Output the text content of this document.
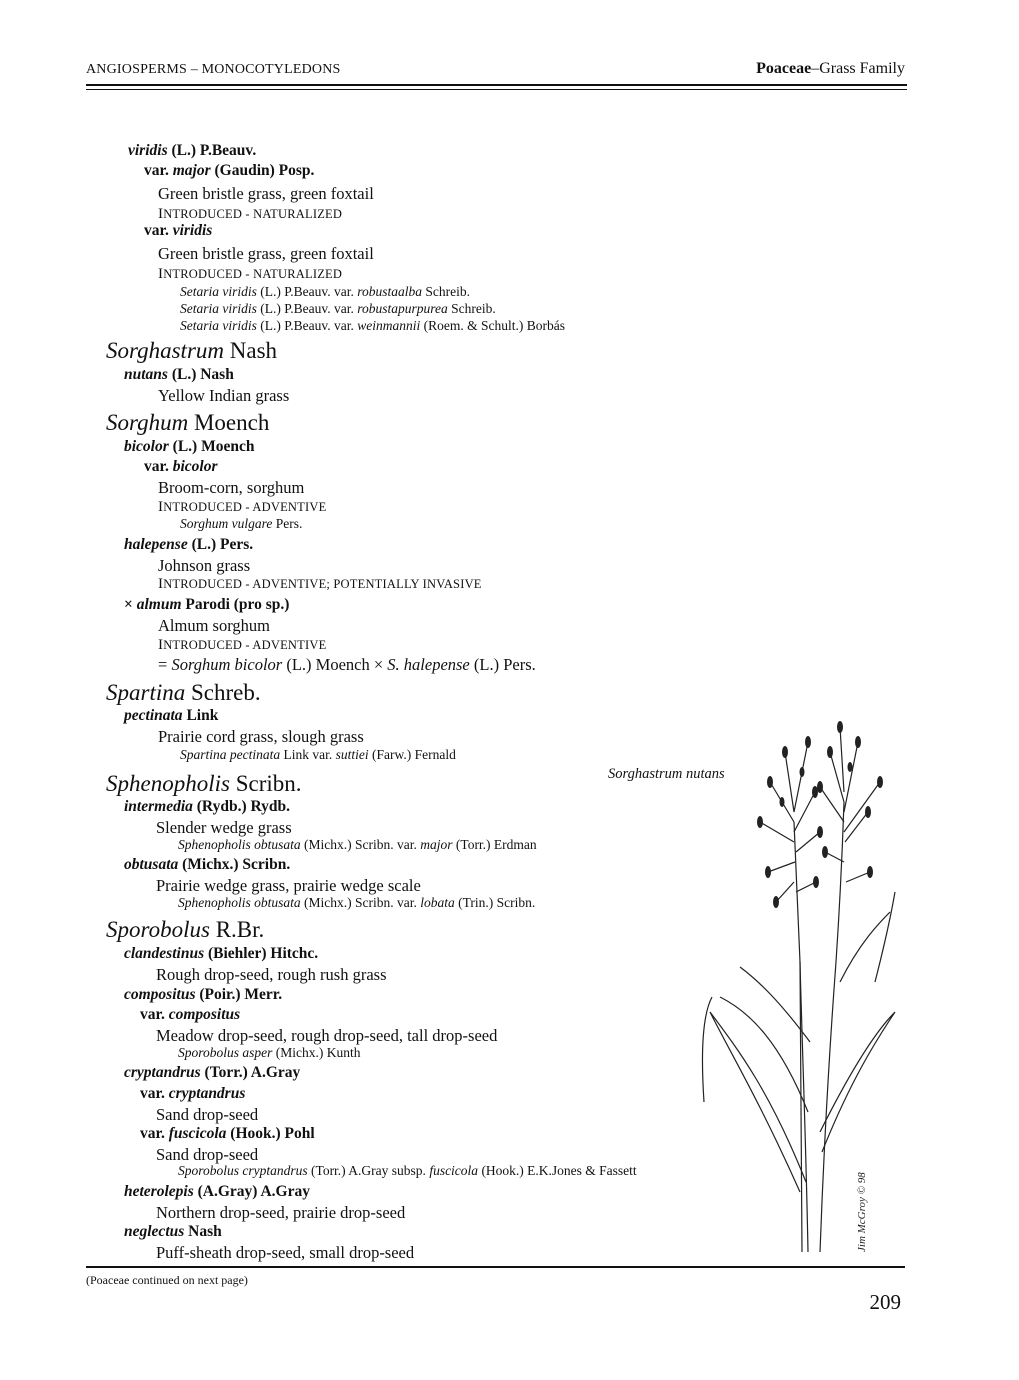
ANGIOSPERMS – MONOCOTYLEDONS	Poaceae–Grass Family
viridis (L.) P.Beauv.
var. major (Gaudin) Posp.
Green bristle grass, green foxtail
INTRODUCED - NATURALIZED
var. viridis
Green bristle grass, green foxtail
INTRODUCED - NATURALIZED
Setaria viridis (L.) P.Beauv. var. robustaalba Schreib.
Setaria viridis (L.) P.Beauv. var. robustapurpurea Schreib.
Setaria viridis (L.) P.Beauv. var. weinmannii (Roem. & Schult.) Borbás
Sorghastrum Nash
nutans (L.) Nash
Yellow Indian grass
Sorghum Moench
bicolor (L.) Moench
var. bicolor
Broom-corn, sorghum
INTRODUCED - ADVENTIVE
Sorghum vulgare Pers.
halepense (L.) Pers.
Johnson grass
INTRODUCED - ADVENTIVE; POTENTIALLY INVASIVE
× almum Parodi (pro sp.)
Almum sorghum
INTRODUCED - ADVENTIVE
= Sorghum bicolor (L.) Moench × S. halepense (L.) Pers.
Spartina Schreb.
pectinata Link
Prairie cord grass, slough grass
Spartina pectinata Link var. suttiei (Farw.) Fernald
Sphenopholis Scribn.
intermedia (Rydb.) Rydb.
Slender wedge grass
Sphenopholis obtusata (Michx.) Scribn. var. major (Torr.) Erdman
obtusata (Michx.) Scribn.
Prairie wedge grass, prairie wedge scale
Sphenopholis obtusata (Michx.) Scribn. var. lobata (Trin.) Scribn.
Sporobolus R.Br.
clandestinus (Biehler) Hitchc.
Rough drop-seed, rough rush grass
compositus (Poir.) Merr.
var. compositus
Meadow drop-seed, rough drop-seed, tall drop-seed
Sporobolus asper (Michx.) Kunth
cryptandrus (Torr.) A.Gray
var. cryptandrus
Sand drop-seed
var. fuscicola (Hook.) Pohl
Sand drop-seed
Sporobolus cryptandrus (Torr.) A.Gray subsp. fuscicola (Hook.) E.K.Jones & Fassett
heterolepis (A.Gray) A.Gray
Northern drop-seed, prairie drop-seed
neglectus Nash
Puff-sheath drop-seed, small drop-seed
Sorghastrum nutans
Jim McGroy © 98
(Poaceae continued on next page)
209
